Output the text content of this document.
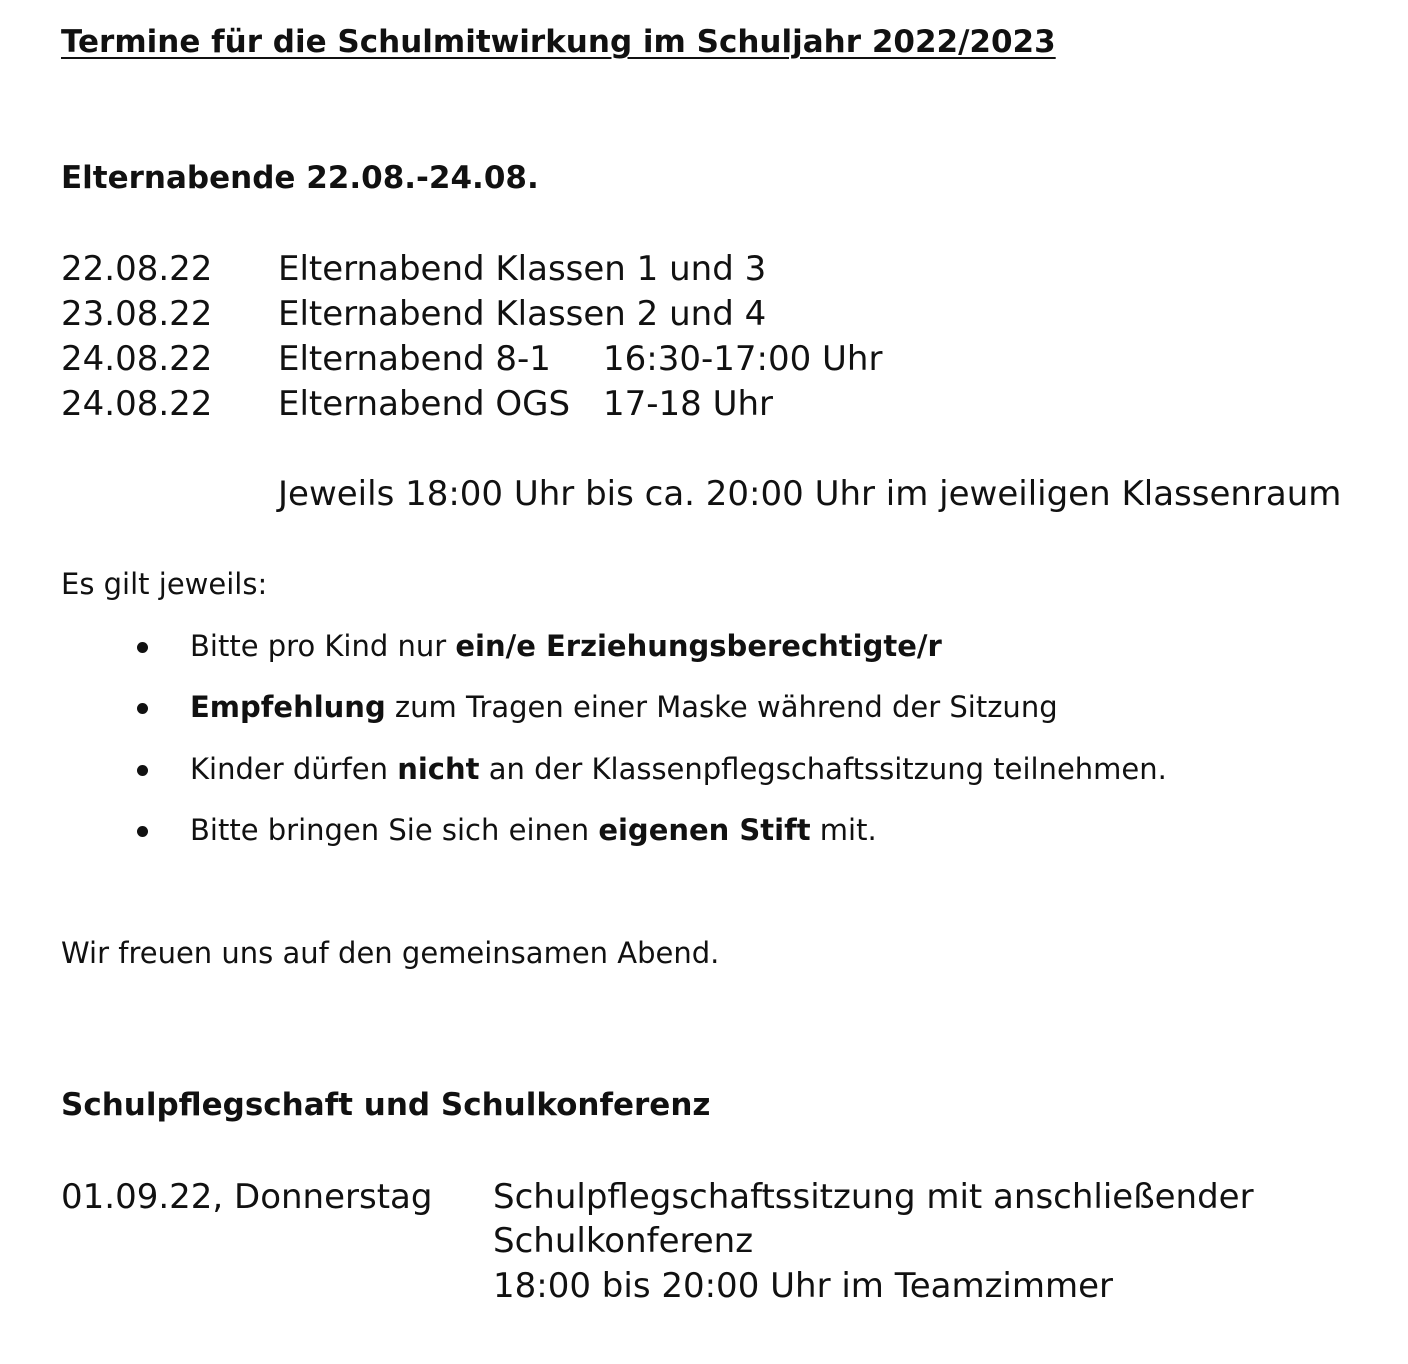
Termine für die Schulmitwirkung im Schuljahr 2022/2023
Elternabende 22.08.-24.08.
22.08.22 Elternabend Klassen 1 und 3
23.08.22 Elternabend Klassen 2 und 4
24.08.22 Elternabend 8-1 16:30-17:00 Uhr
24.08.22 Elternabend OGS 17-18 Uhr
Jeweils 18:00 Uhr bis ca. 20:00 Uhr im jeweiligen Klassenraum
Es gilt jeweils:
Bitte pro Kind nur ein/e Erziehungsberechtigte/r
Empfehlung zum Tragen einer Maske während der Sitzung
Kinder dürfen nicht an der Klassenpflegschaftssitzung teilnehmen.
Bitte bringen Sie sich einen eigenen Stift mit.
Wir freuen uns auf den gemeinsamen Abend.
Schulpflegschaft und Schulkonferenz
01.09.22, Donnerstag Schulpflegschaftssitzung mit anschließender
Schulkonferenz
18:00 bis 20:00 Uhr im Teamzimmer
